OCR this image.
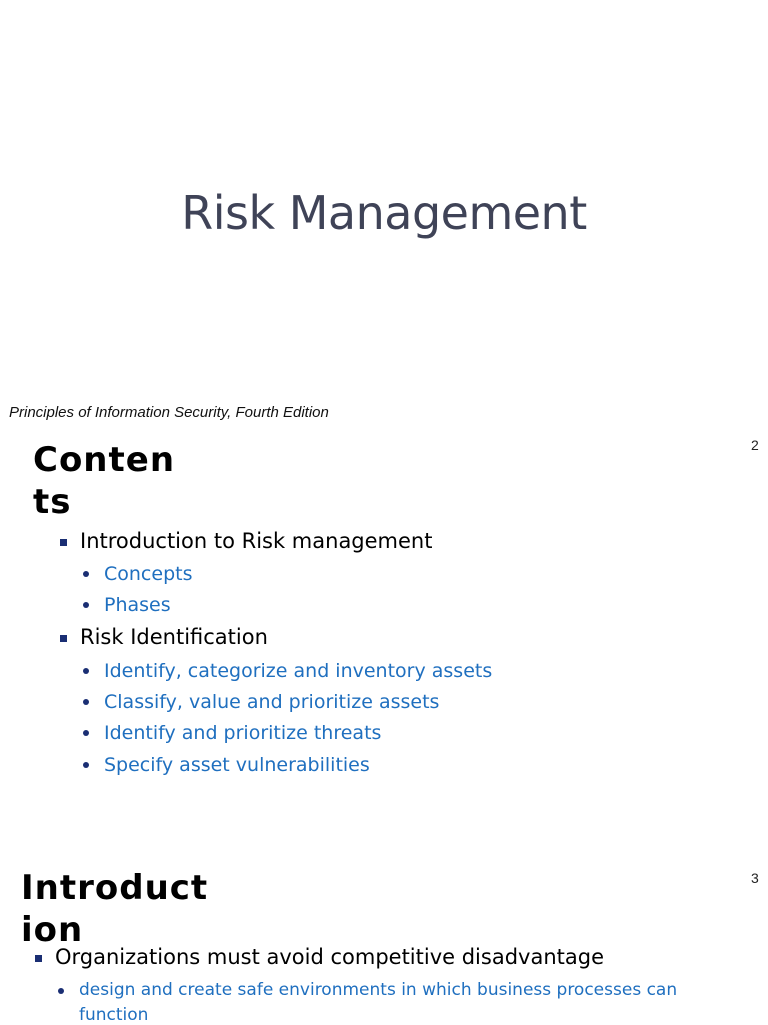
Risk Management
Principles of Information Security, Fourth Edition
2
Conten
ts
Introduction to Risk management
Concepts
Phases
Risk Identification
Identify, categorize and inventory assets
Classify, value and prioritize assets
Identify and prioritize threats
Specify asset vulnerabilities
3
Introduct
ion
Organizations must avoid competitive disadvantage
design and create safe environments in which business processes can
function
